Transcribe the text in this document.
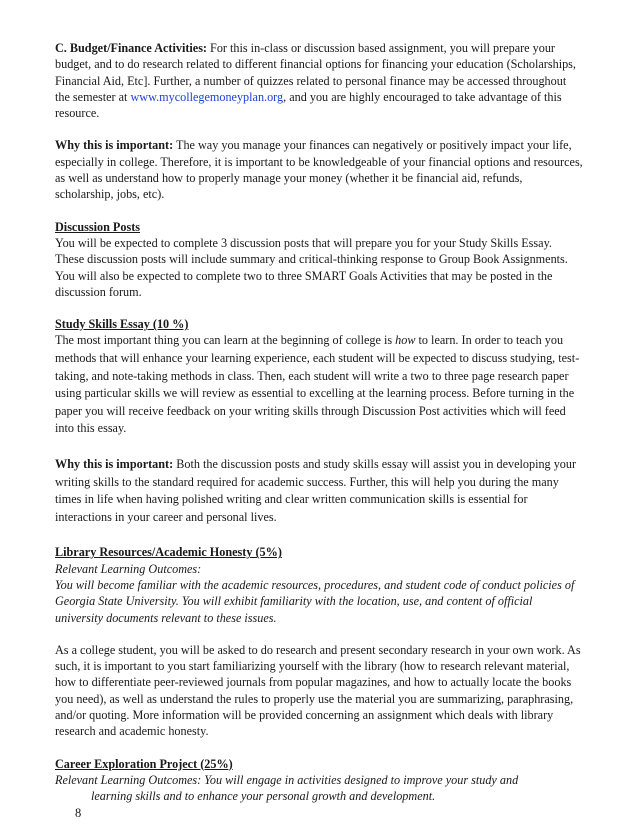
C. Budget/Finance Activities: For this in-class or discussion based assignment, you will prepare your budget, and to do research related to different financial options for financing your education (Scholarships, Financial Aid, Etc]. Further, a number of quizzes related to personal finance may be accessed throughout the semester at www.mycollegemoneyplan.org, and you are highly encouraged to take advantage of this resource.

Why this is important: The way you manage your finances can negatively or positively impact your life, especially in college. Therefore, it is important to be knowledgeable of your financial options and resources, as well as understand how to properly manage your money (whether it be financial aid, refunds, scholarship, jobs, etc).

Discussion Posts

You will be expected to complete 3 discussion posts that will prepare you for your Study Skills Essay. These discussion posts will include summary and critical-thinking response to Group Book Assignments. You will also be expected to complete two to three SMART Goals Activities that may be posted in the discussion forum.

Study Skills Essay (10 %)

The most important thing you can learn at the beginning of college is how to learn. In order to teach you methods that will enhance your learning experience, each student will be expected to discuss studying, test-taking, and note-taking methods in class. Then, each student will write a two to three page research paper using particular skills we will review as essential to excelling at the learning process. Before turning in the paper you will receive feedback on your writing skills through Discussion Post activities which will feed into this essay.

Why this is important: Both the discussion posts and study skills essay will assist you in developing your writing skills to the standard required for academic success. Further, this will help you during the many times in life when having polished writing and clear written communication skills is essential for interactions in your career and personal lives.

Library Resources/Academic Honesty (5%)

Relevant Learning Outcomes:

You will become familiar with the academic resources, procedures, and student code of conduct policies of Georgia State University. You will exhibit familiarity with the location, use, and content of official university documents relevant to these issues.

As a college student, you will be asked to do research and present secondary research in your own work. As such, it is important to you start familiarizing yourself with the library (how to research relevant material, how to differentiate peer-reviewed journals from popular magazines, and how to actually locate the books you need), as well as understand the rules to properly use the material you are summarizing, paraphrasing, and/or quoting. More information will be provided concerning an assignment which deals with library research and academic honesty.

Career Exploration Project (25%)

Relevant Learning Outcomes: You will engage in activities designed to improve your study and

learning skills and to enhance your personal growth and development.

8
